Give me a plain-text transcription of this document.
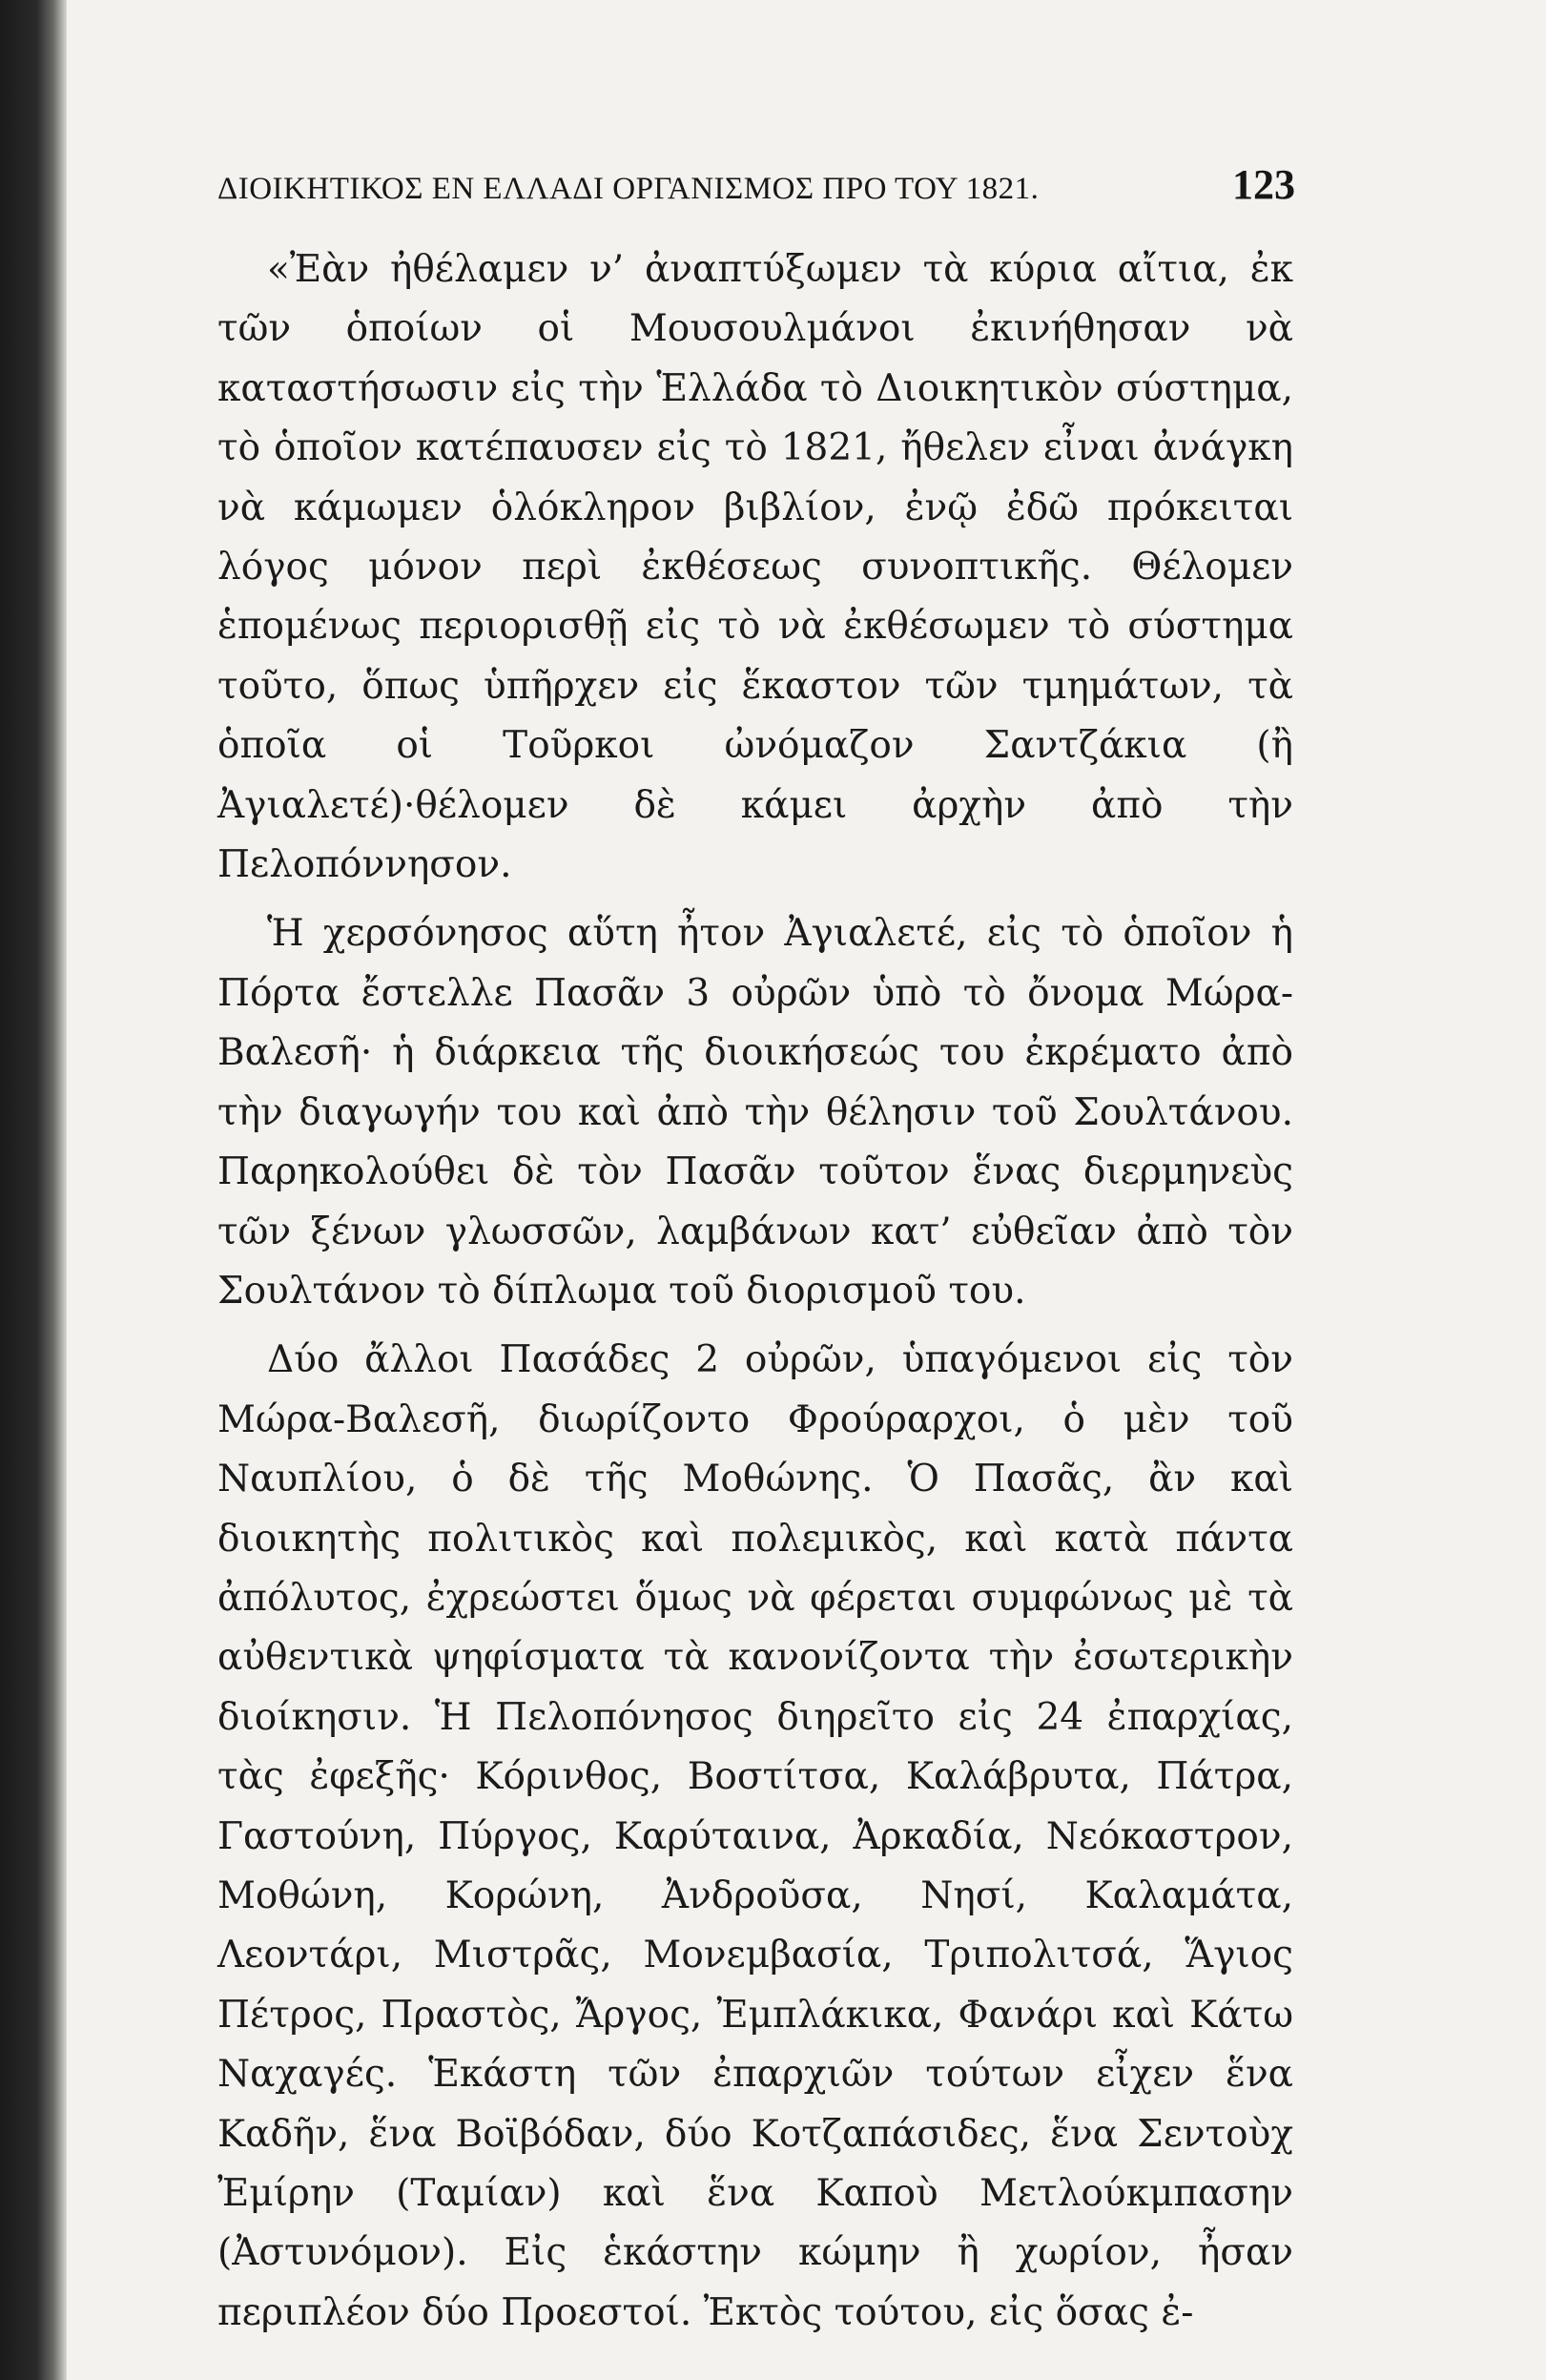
ΔΙΟΙΚΗΤΙΚΟΣ ΕΝ ΕΛΛΑΔΙ ΟΡΓΑΝΙΣΜΟΣ ΠΡΟ ΤΟΥ 1821.	123

«Ἐὰν ἠθέλαμεν ν’ ἀναπτύξωμεν τὰ κύρια αἴτια, ἐκ τῶν ὁποίων οἱ Μουσουλμάνοι ἐκινήθησαν νὰ καταστήσωσιν εἰς τὴν Ἑλλάδα τὸ Διοικητικὸν σύστημα, τὸ ὁποῖον κατέπαυσεν εἰς τὸ 1821, ἤθελεν εἶναι ἀνάγκη νὰ κάμωμεν ὁλόκληρον βιβλίον, ἐνῷ ἐδῶ πρόκειται λόγος μόνον περὶ ἐκθέσεως συνοπτικῆς. Θέλομεν ἑπομένως περιορισθῇ εἰς τὸ νὰ ἐκθέσωμεν τὸ σύστημα τοῦτο, ὅπως ὑπῆρχεν εἰς ἕκαστον τῶν τμημάτων, τὰ ὁποῖα οἱ Τοῦρκοι ὠνόμαζον Σαντζάκια (ἢ Ἀγιαλετέ)·θέλομεν δὲ κάμει ἀρχὴν ἀπὸ τὴν Πελοπόννησον.

Ἡ χερσόνησος αὕτη ἦτον Ἀγιαλετέ, εἰς τὸ ὁποῖον ἡ Πόρτα ἔστελλε Πασᾶν 3 οὐρῶν ὑπὸ τὸ ὄνομα Μώρα-Βαλεσῆ· ἡ διάρκεια τῆς διοικήσεώς του ἐκρέματο ἀπὸ τὴν διαγωγήν του καὶ ἀπὸ τὴν θέλησιν τοῦ Σουλτάνου. Παρηκολούθει δὲ τὸν Πασᾶν τοῦτον ἕνας διερμηνεὺς τῶν ξένων γλωσσῶν, λαμβάνων κατ’ εὐθεῖαν ἀπὸ τὸν Σουλτάνον τὸ δίπλωμα τοῦ διορισμοῦ του.

Δύο ἄλλοι Πασάδες 2 οὐρῶν, ὑπαγόμενοι εἰς τὸν Μώρα-Βαλεσῆ, διωρίζοντο Φρούραρχοι, ὁ μὲν τοῦ Ναυπλίου, ὁ δὲ τῆς Μοθώνης. Ὁ Πασᾶς, ἂν καὶ διοικητὴς πολιτικὸς καὶ πολεμικὸς, καὶ κατὰ πάντα ἀπόλυτος, ἐχρεώστει ὅμως νὰ φέρεται συμφώνως μὲ τὰ αὐθεντικὰ ψηφίσματα τὰ κανονίζοντα τὴν ἐσωτερικὴν διοίκησιν. Ἡ Πελοπόνησος διηρεῖτο εἰς 24 ἐπαρχίας, τὰς ἐφεξῆς· Κόρινθος, Βοστίτσα, Καλάβρυτα, Πάτρα, Γαστούνη, Πύργος, Καρύταινα, Ἀρκαδία, Νεόκαστρον, Μοθώνη, Κορώνη, Ἀνδροῦσα, Νησί, Καλαμάτα, Λεοντάρι, Μιστρᾶς, Μονεμβασία, Τριπολιτσά, Ἅγιος Πέτρος, Πραστὸς, Ἄργος, Ἐμπλάκικα, Φανάρι καὶ Κάτω Ναχαγές. Ἑκάστη τῶν ἐπαρχιῶν τούτων εἶχεν ἕνα Καδῆν, ἕνα Βοϊβόδαν, δύο Κοτζαπάσιδες, ἕνα Σεντοὺχ Ἐμίρην (Ταμίαν) καὶ ἕνα Καποὺ Μετλούκμπασην (Ἀστυνόμον). Εἰς ἑκάστην κώμην ἢ χωρίον, ἦσαν περιπλέον δύο Προεστοί. Ἐκτὸς τούτου, εἰς ὅσας ἐ-
